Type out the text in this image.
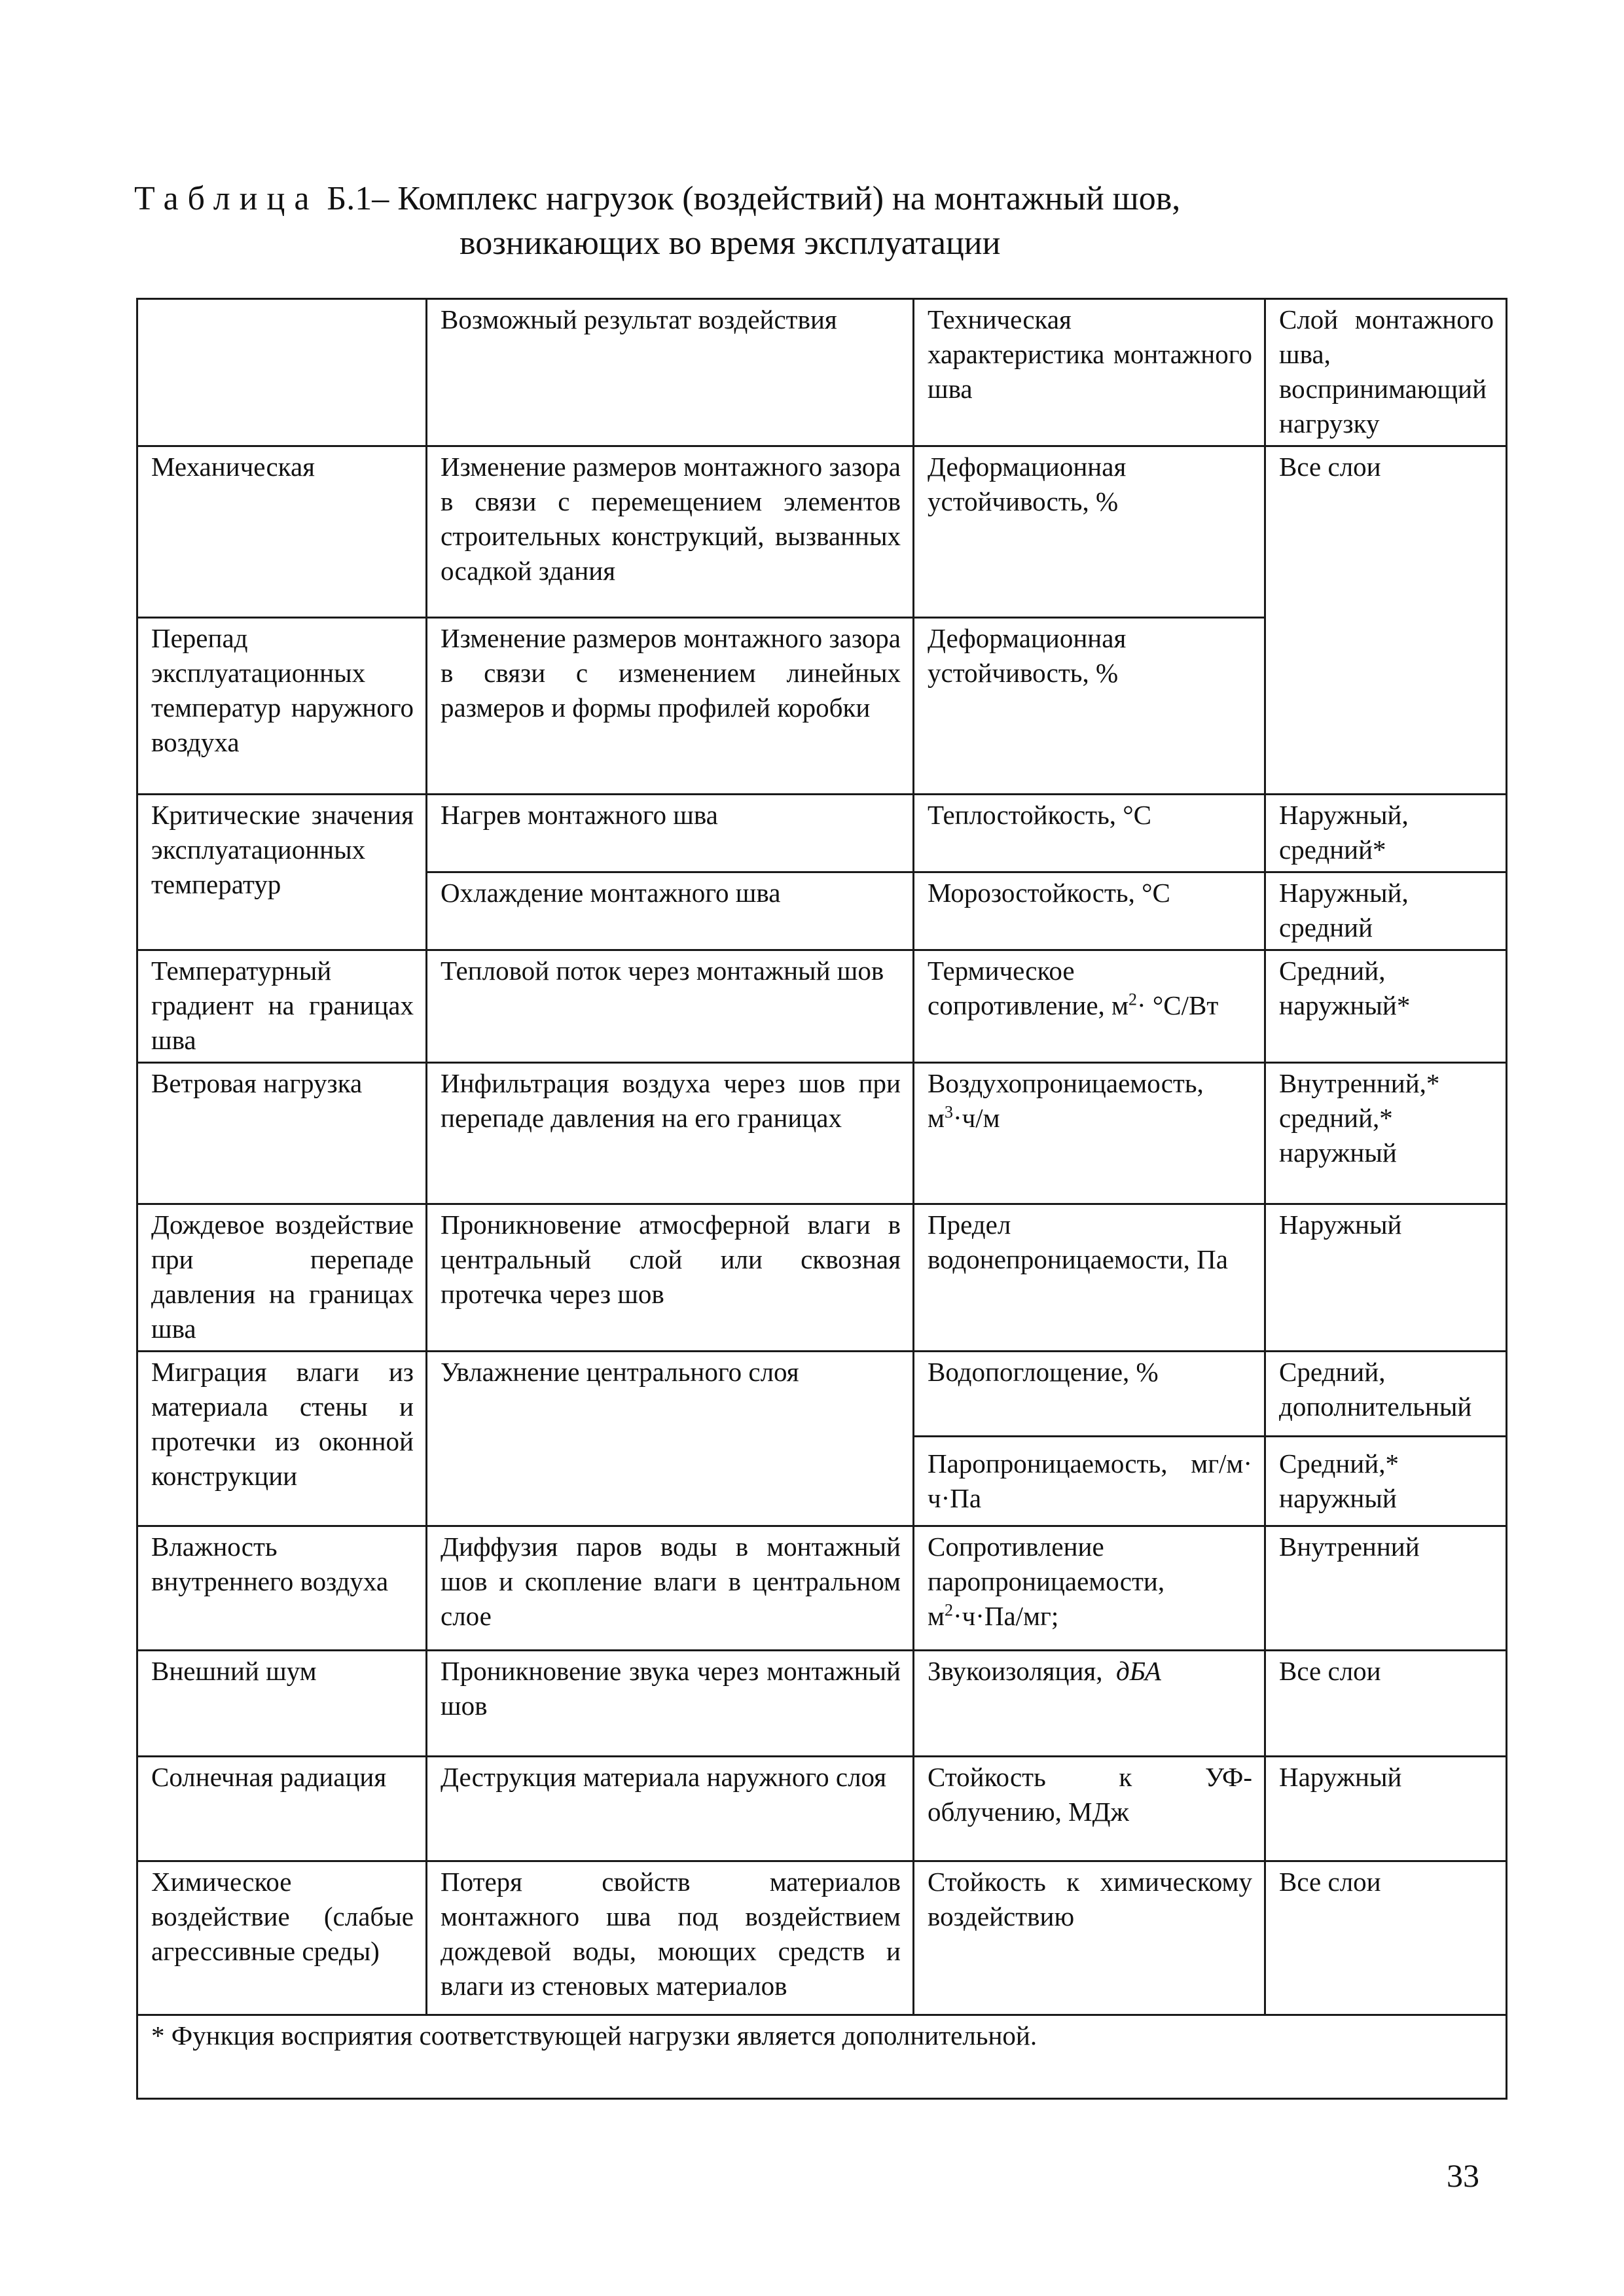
Таблица Б.1– Комплекс нагрузок (воздействий) на монтажный шов,
возникающих во время эксплуатации
	Возможный результат воздействия	Техническая характеристика монтажного шва	Слой монтажного шва, воспринимающий нагрузку
Механическая	Изменение размеров монтажного зазора в связи с перемещением элементов строительных конструкций, вызванных осадкой здания	Деформационная устойчивость, %	Все слои
Перепад эксплуатационных температур наружного воздуха	Изменение размеров монтажного зазора в связи с изменением линейных размеров и формы профилей коробки	Деформационная устойчивость, %	
Критические значения эксплуатационных температур	Нагрев монтажного шва	Теплостойкость, °С	Наружный, средний*
	Охлаждение монтажного шва	Морозостойкость, °С	Наружный, средний
Температурный градиент на границах шва	Тепловой поток через монтажный шов	Термическое сопротивление, $м^2\cdot ^\circ С/Вт$	Средний, наружный*
Ветровая нагрузка	Инфильтрация воздуха через шов при перепаде давления на его границах	Воздухопроницаемость, $м^3\cdot ч/м$	Внутренний,* средний,* наружный
Дождевое воздействие при перепаде давления на границах шва	Проникновение атмосферной влаги в центральный слой или сквозная протечка через шов	Предел водонепроницаемости, Па	Наружный
Миграция влаги из материала стены и протечки из оконной конструкции	Увлажнение центрального слоя	Водопоглощение, %	Средний, дополнительный
		Паропроницаемость, мг/м· ч·Па	Средний,* наружный
Влажность внутреннего воздуха	Диффузия паров воды в монтажный шов и скопление влаги в центральном слое	Сопротивление паропроницаемости, $м^2\cdot ч\cdot Па/мг$;	Внутренний
Внешний шум	Проникновение звука через монтажный шов	Звукоизоляция, дБА	Все слои
Солнечная радиация	Деструкция материала наружного слоя	Стойкость к УФ-облучению, МДж	Наружный
Химическое воздействие (слабые агрессивные среды)	Потеря свойств материалов монтажного шва под воздействием дождевой воды, моющих средств и влаги из стеновых материалов	Стойкость к химическому воздействию	Все слои
* Функция восприятия соответствующей нагрузки является дополнительной.			
33
